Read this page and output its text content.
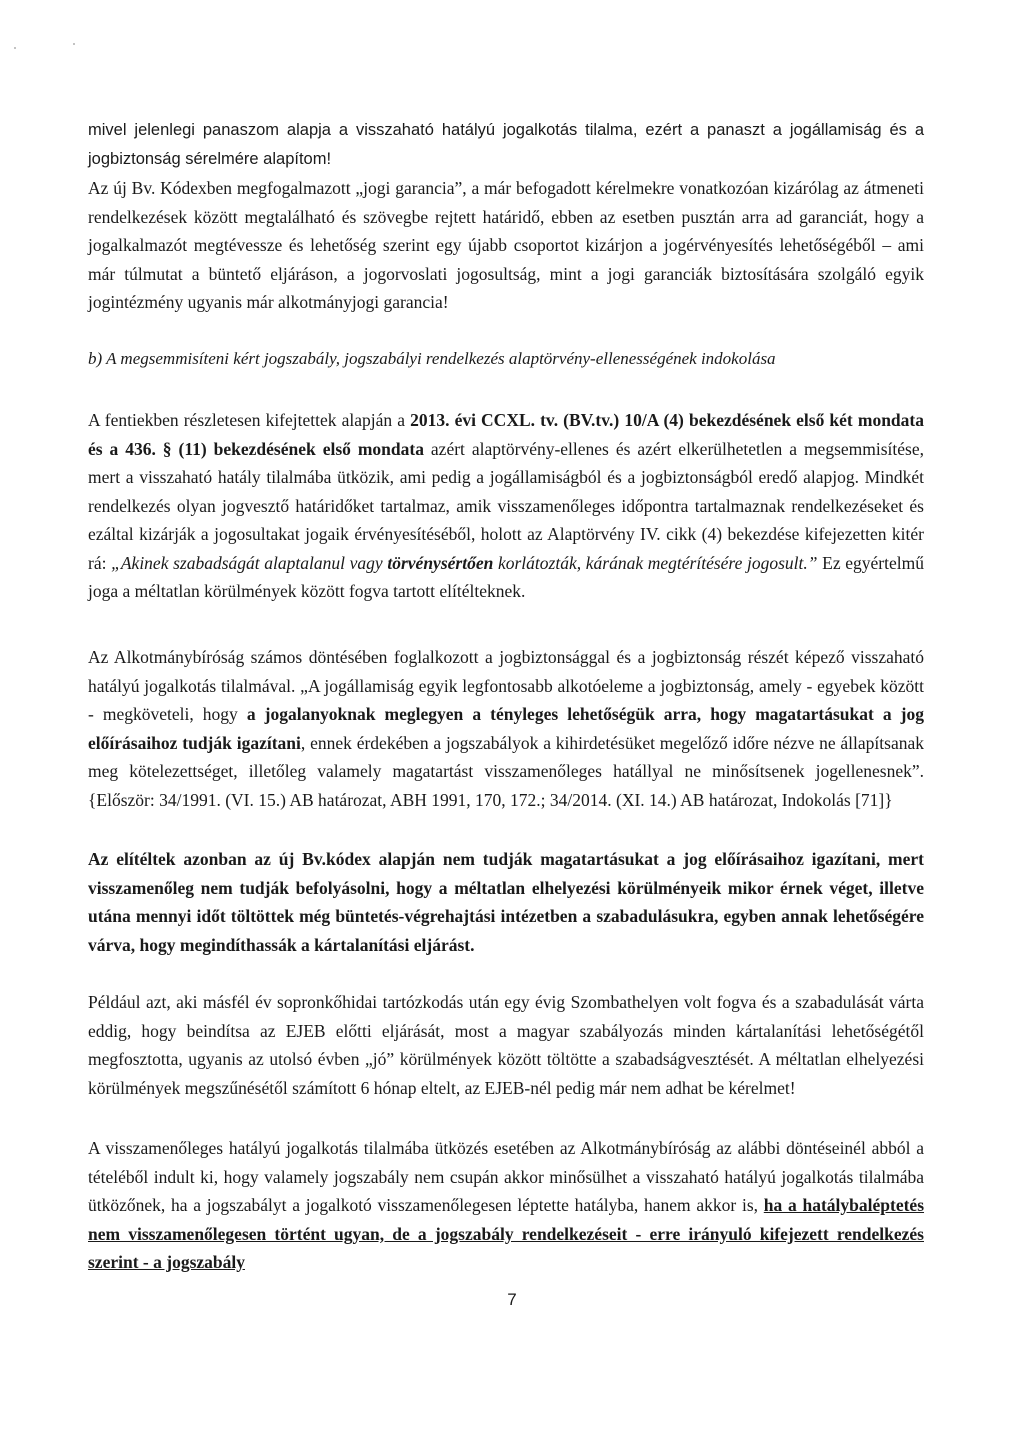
mivel jelenlegi panaszom alapja a visszaható hatályú jogalkotás tilalma, ezért a panaszt a jogállamiság és a jogbiztonság sérelmére alapítom!

Az új Bv. Kódexben megfogalmazott „jogi garancia”, a már befogadott kérelmekre vonatkozóan kizárólag az átmeneti rendelkezések között megtalálható és szövegbe rejtett határidő, ebben az esetben pusztán arra ad garanciát, hogy a jogalkalmazót megtévessze és lehetőség szerint egy újabb csoportot kizárjon a jogérvényesítés lehetőségéből – ami már túlmutat a büntető eljáráson, a jogorvoslati jogosultság, mint a jogi garanciák biztosítására szolgáló egyik jogintézmény ugyanis már alkotmányjogi garancia!

b) A megsemmisíteni kért jogszabály, jogszabályi rendelkezés alaptörvény-ellenességének indokolása

A fentiekben részletesen kifejtettek alapján a 2013. évi CCXL. tv. (BV.tv.) 10/A (4) bekezdésének első két mondata és a 436. § (11) bekezdésének első mondata azért alaptörvény-ellenes és azért elkerülhetetlen a megsemmisítése, mert a visszaható hatály tilalmába ütközik, ami pedig a jogállamiságból és a jogbiztonságból eredő alapjog. Mindkét rendelkezés olyan jogvesztő határidőket tartalmaz, amik visszamenőleges időpontra tartalmaznak rendelkezéseket és ezáltal kizárják a jogosultakat jogaik érvényesítéséből, holott az Alaptörvény IV. cikk (4) bekezdése kifejezetten kitér rá: „Akinek szabadságát alaptalanul vagy törvénysértően korlátozták, kárának megtérítésére jogosult.” Ez egyértelmű joga a méltatlan körülmények között fogva tartott elítélteknek.

Az Alkotmánybíróság számos döntésében foglalkozott a jogbiztonsággal és a jogbiztonság részét képező visszaható hatályú jogalkotás tilalmával. „A jogállamiság egyik legfontosabb alkotóeleme a jogbiztonság, amely - egyebek között - megköveteli, hogy a jogalanyoknak meglegyen a tényleges lehetőségük arra, hogy magatartásukat a jog előírásaihoz tudják igazítani, ennek érdekében a jogszabályok a kihirdetésüket megelőző időre nézve ne állapítsanak meg kötelezettséget, illetőleg valamely magatartást visszamenőleges hatállyal ne minősítsenek jogellenesnek”. {Először: 34/1991. (VI. 15.) AB határozat, ABH 1991, 170, 172.; 34/2014. (XI. 14.) AB határozat, Indokolás [71]}

Az elítéltek azonban az új Bv.kódex alapján nem tudják magatartásukat a jog előírásaihoz igazítani, mert visszamenőleg nem tudják befolyásolni, hogy a méltatlan elhelyezési körülményeik mikor érnek véget, illetve utána mennyi időt töltöttek még büntetés-végrehajtási intézetben a szabadulásukra, egyben annak lehetőségére várva, hogy megindíthassák a kártalanítási eljárást.

Például azt, aki másfél év sopronkőhidai tartózkodás után egy évig Szombathelyen volt fogva és a szabadulását várta eddig, hogy beindítsa az EJEB előtti eljárását, most a magyar szabályozás minden kártalanítási lehetőségétől megfosztotta, ugyanis az utolsó évben „jó” körülmények között töltötte a szabadságvesztését. A méltatlan elhelyezési körülmények megszűnésétől számított 6 hónap eltelt, az EJEB-nél pedig már nem adhat be kérelmet!

A visszamenőleges hatályú jogalkotás tilalmába ütközés esetében az Alkotmánybíróság az alábbi döntéseinél abból a tételéből indult ki, hogy valamely jogszabály nem csupán akkor minősülhet a visszaható hatályú jogalkotás tilalmába ütközőnek, ha a jogszabályt a jogalkotó visszamenőlegesen léptette hatályba, hanem akkor is, ha a hatálybaléptetés nem visszamenőlegesen történt ugyan, de a jogszabály rendelkezéseit - erre irányuló kifejezett rendelkezés szerint - a jogszabály

7
